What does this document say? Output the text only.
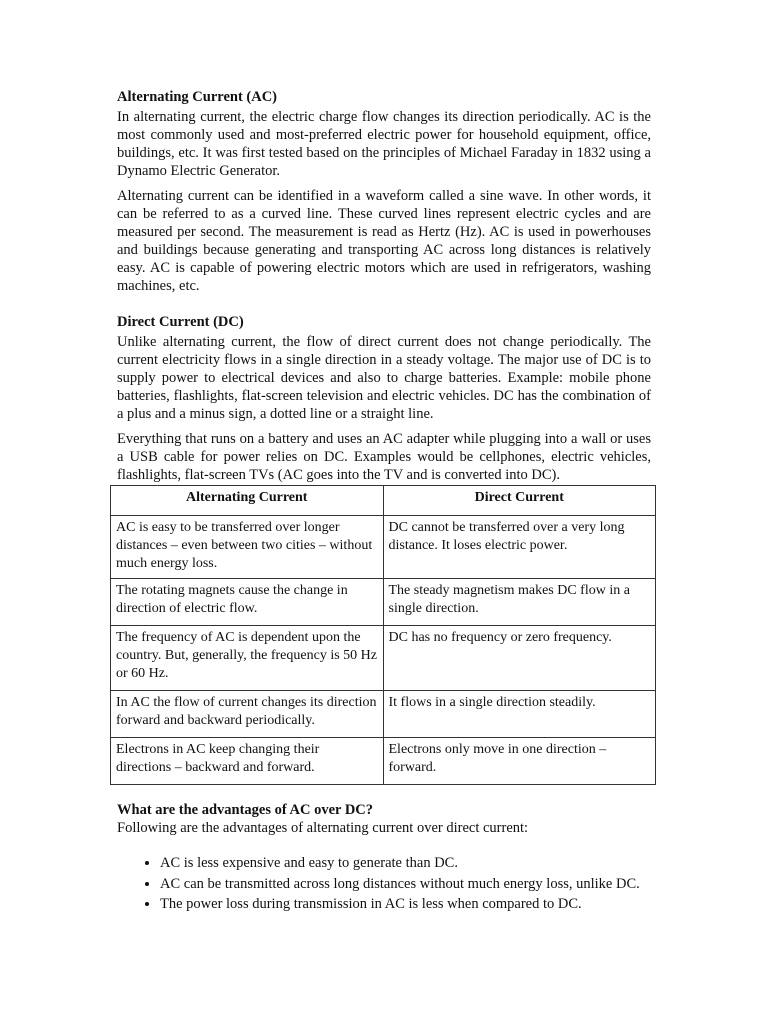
Alternating Current (AC)

In alternating current, the electric charge flow changes its direction periodically. AC is the most commonly used and most-preferred electric power for household equipment, office, buildings, etc. It was first tested based on the principles of Michael Faraday in 1832 using a Dynamo Electric Generator.

Alternating current can be identified in a waveform called a sine wave. In other words, it can be referred to as a curved line. These curved lines represent electric cycles and are measured per second. The measurement is read as Hertz (Hz). AC is used in powerhouses and buildings because generating and transporting AC across long distances is relatively easy. AC is capable of powering electric motors which are used in refrigerators, washing machines, etc.

Direct Current (DC)

Unlike alternating current, the flow of direct current does not change periodically. The current electricity flows in a single direction in a steady voltage. The major use of DC is to supply power to electrical devices and also to charge batteries. Example: mobile phone batteries, flashlights, flat-screen television and electric vehicles. DC has the combination of a plus and a minus sign, a dotted line or a straight line.

Everything that runs on a battery and uses an AC adapter while plugging into a wall or uses a USB cable for power relies on DC. Examples would be cellphones, electric vehicles, flashlights, flat-screen TVs (AC goes into the TV and is converted into DC).

Alternating Current	Direct Current
AC is easy to be transferred over longer distances – even between two cities – without much energy loss.	DC cannot be transferred over a very long distance. It loses electric power.
The rotating magnets cause the change in direction of electric flow.	The steady magnetism makes DC flow in a single direction.
The frequency of AC is dependent upon the country. But, generally, the frequency is 50 Hz or 60 Hz.	DC has no frequency or zero frequency.
In AC the flow of current changes its direction forward and backward periodically.	It flows in a single direction steadily.
Electrons in AC keep changing their directions – backward and forward.	Electrons only move in one direction – forward.
What are the advantages of AC over DC?

Following are the advantages of alternating current over direct current:

• AC is less expensive and easy to generate than DC.
• AC can be transmitted across long distances without much energy loss, unlike DC.
• The power loss during transmission in AC is less when compared to DC.
